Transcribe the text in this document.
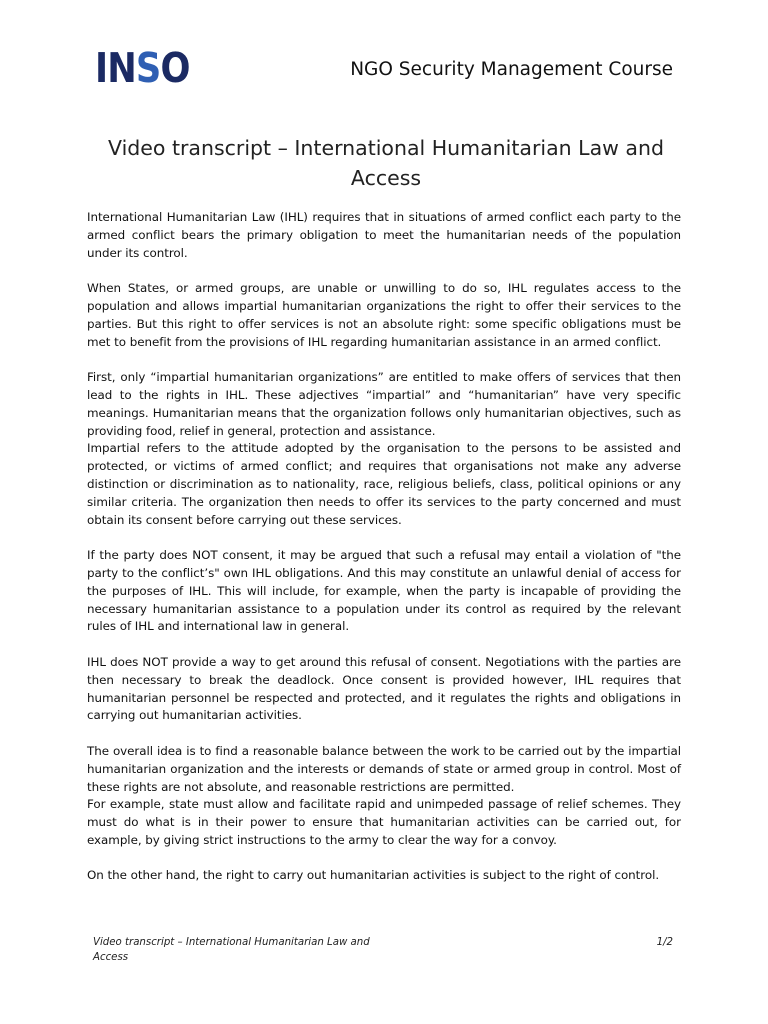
INSO	NGO Security Management Course
Video transcript – International Humanitarian Law and Access

International Humanitarian Law (IHL) requires that in situations of armed conflict each party to the armed conflict bears the primary obligation to meet the humanitarian needs of the population under its control.

When States, or armed groups, are unable or unwilling to do so, IHL regulates access to the population and allows impartial humanitarian organizations the right to offer their services to the parties. But this right to offer services is not an absolute right: some specific obligations must be met to benefit from the provisions of IHL regarding humanitarian assistance in an armed conflict.

First, only “impartial humanitarian organizations” are entitled to make offers of services that then lead to the rights in IHL. These adjectives “impartial” and “humanitarian” have very specific meanings. Humanitarian means that the organization follows only humanitarian objectives, such as providing food, relief in general, protection and assistance.

Impartial refers to the attitude adopted by the organisation to the persons to be assisted and protected, or victims of armed conflict; and requires that organisations not make any adverse distinction or discrimination as to nationality, race, religious beliefs, class, political opinions or any similar criteria. The organization then needs to offer its services to the party concerned and must obtain its consent before carrying out these services.

If the party does NOT consent, it may be argued that such a refusal may entail a violation of "the party to the conflict’s" own IHL obligations. And this may constitute an unlawful denial of access for the purposes of IHL. This will include, for example, when the party is incapable of providing the necessary humanitarian assistance to a population under its control as required by the relevant rules of IHL and international law in general.

IHL does NOT provide a way to get around this refusal of consent. Negotiations with the parties are then necessary to break the deadlock. Once consent is provided however, IHL requires that humanitarian personnel be respected and protected, and it regulates the rights and obligations in carrying out humanitarian activities.

The overall idea is to find a reasonable balance between the work to be carried out by the impartial humanitarian organization and the interests or demands of state or armed group in control. Most of these rights are not absolute, and reasonable restrictions are permitted.

For example, state must allow and facilitate rapid and unimpeded passage of relief schemes. They must do what is in their power to ensure that humanitarian activities can be carried out, for example, by giving strict instructions to the army to clear the way for a convoy.

On the other hand, the right to carry out humanitarian activities is subject to the right of control.

Video transcript – International Humanitarian Law and Access
1/2
